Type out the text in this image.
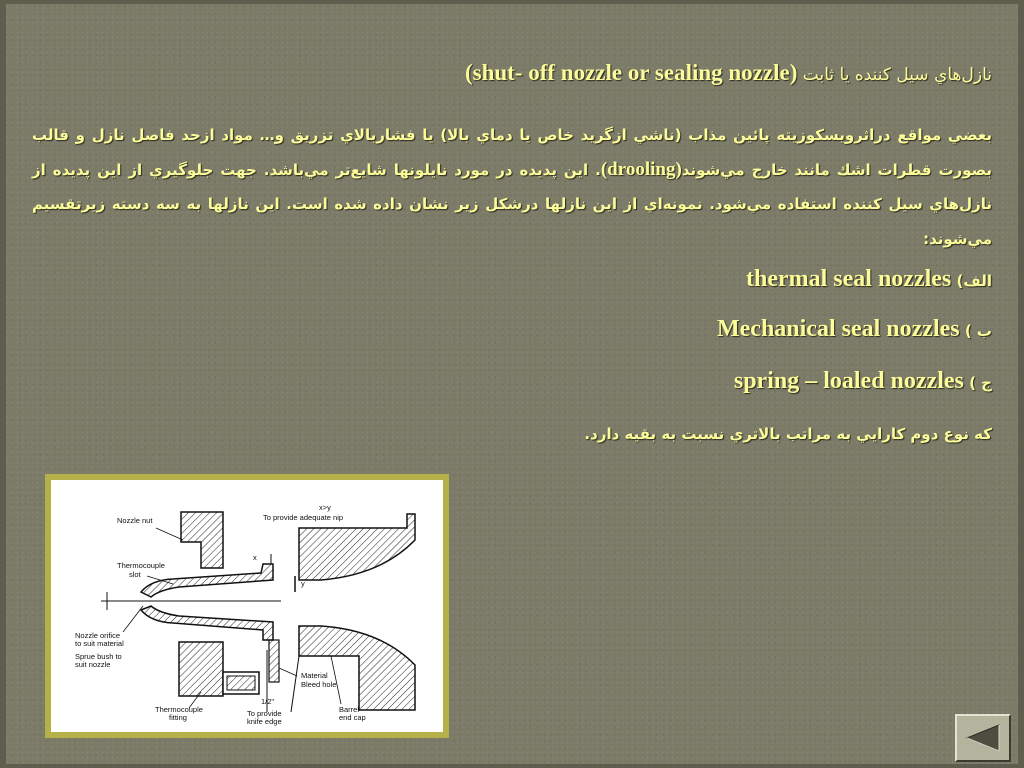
نازل‌هاي سيل كننده يا ثابت (shut- off nozzle or sealing nozzle)
بعضي مواقع دراثرويسكوزيته پائين مذاب (ناشي ازگريد خاص يا دماي بالا) يا فشاربالاي تزريق و… مواد ازحد فاصل نازل و قالب بصورت قطرات اشك مانند خارج مي‌شوند(drooling). اين پديده در مورد نايلونها شايع‌تر مي‌باشد. جهت جلوگيري از اين پديده از نازل‌هاي سيل كننده استفاده مي‌شود. نمونه‌اي از اين نازلها درشكل زير نشان داده شده است. اين نازلها به سه دسته زيرتقسيم مي‌شوند:
الف) thermal seal nozzles
ب ) Mechanical seal nozzles
ج ) spring – loaled nozzles
كه نوع دوم كارايي به مراتب بالاتري نسبت به بقيه دارد.
Nozzle nut
x>y
To provide adequate nip
Thermocouple
slot
x
y
Nozzle orifice
to suit material
Sprue bush to
suit nozzle
Material
Bleed hole
Thermocouple
fitting
1/2"
To provide
knife edge
Barrel
end cap
